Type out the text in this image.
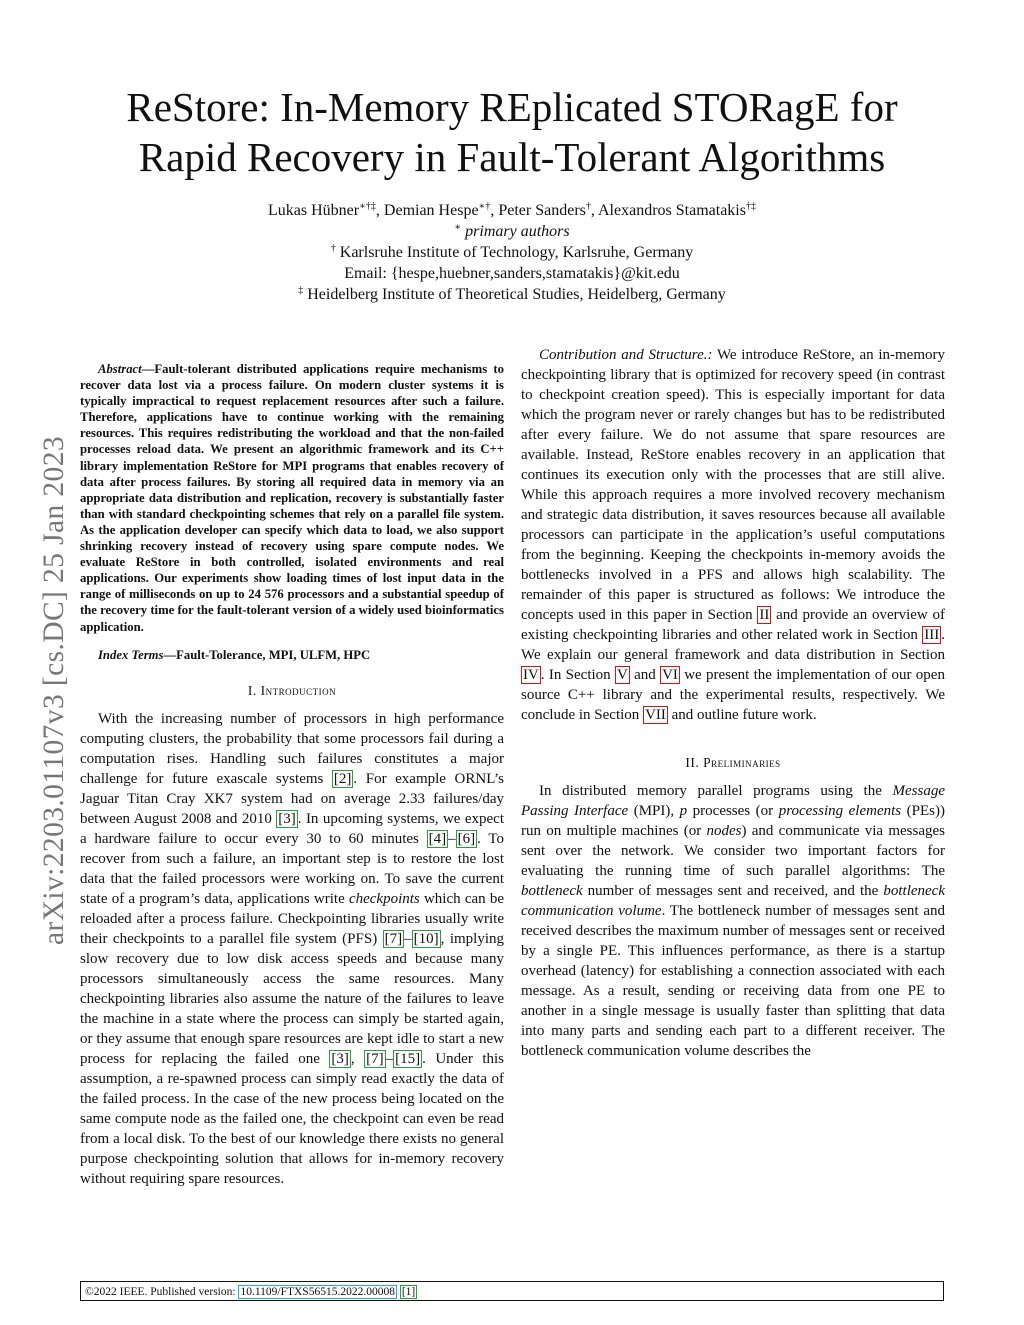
ReStore: In-Memory REplicated STORagE for
Rapid Recovery in Fault-Tolerant Algorithms
Lukas Hübner∗†‡, Demian Hespe∗†, Peter Sanders†, Alexandros Stamatakis†‡
∗ primary authors
† Karlsruhe Institute of Technology, Karlsruhe, Germany
Email: {hespe,huebner,sanders,stamatakis}@kit.edu
‡ Heidelberg Institute of Theoretical Studies, Heidelberg, Germany
arXiv:2203.01107v3 [cs.DC] 25 Jan 2023

Abstract—Fault-tolerant distributed applications require mechanisms to recover data lost via a process failure. On modern cluster systems it is typically impractical to request replacement resources after such a failure. Therefore, applications have to continue working with the remaining resources. This requires redistributing the workload and that the non-failed processes reload data. We present an algorithmic framework and its C++ library implementation ReStore for MPI programs that enables recovery of data after process failures. By storing all required data in memory via an appropriate data distribution and replication, recovery is substantially faster than with standard checkpointing schemes that rely on a parallel file system. As the application developer can specify which data to load, we also support shrinking recovery instead of recovery using spare compute nodes. We evaluate ReStore in both controlled, isolated environments and real applications. Our experiments show loading times of lost input data in the range of milliseconds on up to 24 576 processors and a substantial speedup of the recovery time for the fault-tolerant version of a widely used bioinformatics application.

Index Terms—Fault-Tolerance, MPI, ULFM, HPC

I. Introduction

With the increasing number of processors in high performance computing clusters, the probability that some processors fail during a computation rises. Handling such failures constitutes a major challenge for future exascale systems [2] . For example ORNL’s Jaguar Titan Cray XK7 system had on average 2.33 failures/day between August 2008 and 2010 [3] . In upcoming systems, we expect a hardware failure to occur every 30 to 60 minutes [4] – [6] . To recover from such a failure, an important step is to restore the lost data that the failed processors were working on. To save the current state of a program’s data, applications write checkpoints which can be reloaded after a process failure. Checkpointing libraries usually write their checkpoints to a parallel file system (PFS) [7] – [10] , implying slow recovery due to low disk access speeds and because many processors simultaneously access the same resources. Many checkpointing libraries also assume the nature of the failures to leave the machine in a state where the process can simply be started again, or they assume that enough spare resources are kept idle to start a new process for replacing the failed one [3] , [7] – [15] . Under this assumption, a re-spawned process can simply read exactly the data of the failed process. In the case of the new process being located on the same compute node as the failed one, the checkpoint can even be read from a local disk. To the best of our knowledge there exists no general purpose checkpointing solution that allows for in-memory recovery without requiring spare resources.

Contribution and Structure.: We introduce ReStore, an in-memory checkpointing library that is optimized for recovery speed (in contrast to checkpoint creation speed). This is especially important for data which the program never or rarely changes but has to be redistributed after every failure. We do not assume that spare resources are available. Instead, ReStore enables recovery in an application that continues its execution only with the processes that are still alive. While this approach requires a more involved recovery mechanism and strategic data distribution, it saves resources because all available processors can participate in the application’s useful computations from the beginning. Keeping the checkpoints in-memory avoids the bottlenecks involved in a PFS and allows high scalability. The remainder of this paper is structured as follows: We introduce the concepts used in this paper in Section II and provide an overview of existing checkpointing libraries and other related work in Section III . We explain our general framework and data distribution in Section IV . In Section V and VI we present the implementation of our open source C++ library and the experimental results, respectively. We conclude in Section VII and outline future work.

II. Preliminaries

In distributed memory parallel programs using the Message Passing Interface (MPI), p processes (or processing elements (PEs)) run on multiple machines (or nodes) and communicate via messages sent over the network. We consider two important factors for evaluating the running time of such parallel algorithms: The bottleneck number of messages sent and received, and the bottleneck communication volume. The bottleneck number of messages sent and received describes the maximum number of messages sent or received by a single PE. This influences performance, as there is a startup overhead (latency) for establishing a connection associated with each message. As a result, sending or receiving data from one PE to another in a single message is usually faster than splitting that data into many parts and sending each part to a different receiver. The bottleneck communication volume describes the

©2022 IEEE. Published version: 10.1109/FTXS56515.2022.00008 [1]
